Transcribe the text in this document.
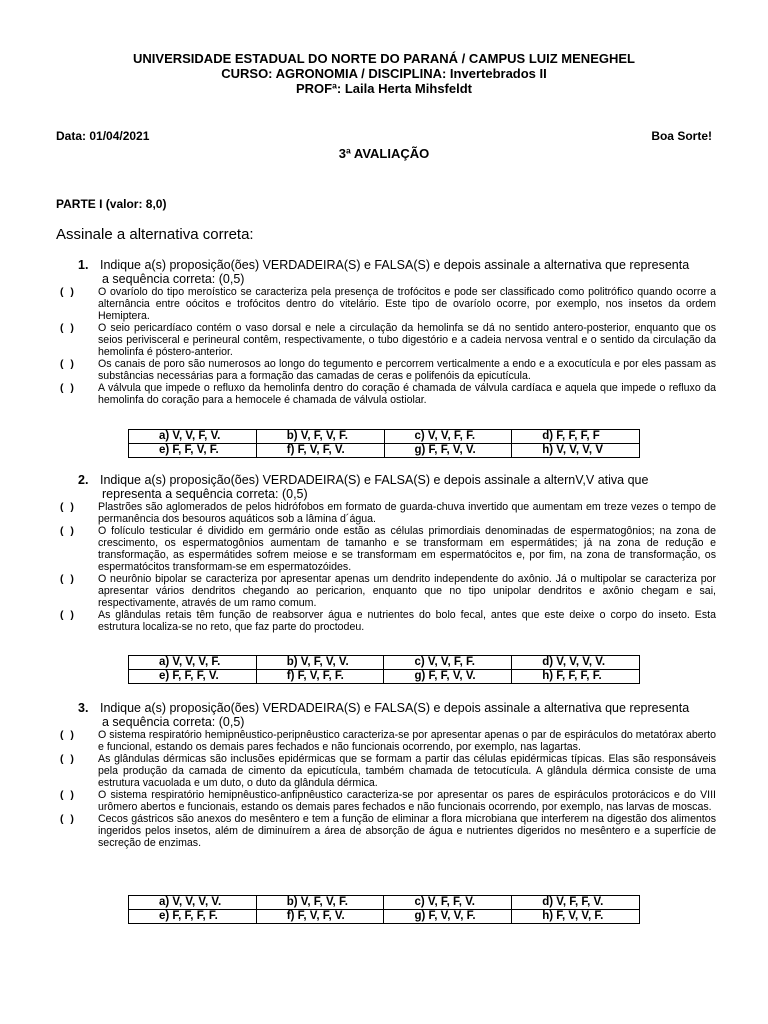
UNIVERSIDADE ESTADUAL DO NORTE DO PARANÁ / CAMPUS LUIZ MENEGHEL
CURSO: AGRONOMIA / DISCIPLINA: Invertebrados II
PROFª: Laila Herta Mihsfeldt
Data: 01/04/2021	Boa Sorte!
3ª AVALIAÇÃO
PARTE I (valor: 8,0)
Assinale a alternativa correta:
1. Indique a(s) proposição(ões) VERDADEIRA(S) e FALSA(S) e depois assinale a alternativa que representa
a sequência correta: (0,5)
( ) O ovaríolo do tipo meroístico se caracteriza pela presença de trofócitos e pode ser classificado como politrófico quando ocorre a alternância entre oócitos e trofócitos dentro do vitelário. Este tipo de ovaríolo ocorre, por exemplo, nos insetos da ordem Hemiptera.
( ) O seio pericardíaco contém o vaso dorsal e nele a circulação da hemolinfa se dá no sentido antero-posterior, enquanto que os seios perivisceral e perineural contêm, respectivamente, o tubo digestório e a cadeia nervosa ventral e o sentido da circulação da hemolinfa é póstero-anterior.
( ) Os canais de poro são numerosos ao longo do tegumento e percorrem verticalmente a endo e a exocutícula e por eles passam as substâncias necessárias para a formação das camadas de ceras e polifenóis da epicutícula.
( ) A válvula que impede o refluxo da hemolinfa dentro do coração é chamada de válvula cardíaca e aquela que impede o refluxo da hemolinfa do coração para a hemocele é chamada de válvula ostiolar.
a) V, V, F, V.	b) V, F, V, F.	c) V, V, F, F.	d) F, F, F, F
e) F, F, V, F.	f) F, V, F, V.	g) F, F, V, V.	h) V, V, V, V
2. Indique a(s) proposição(ões) VERDADEIRA(S) e FALSA(S) e depois assinale a alternV,V ativa que
representa a sequência correta: (0,5)
( ) Plastrões são aglomerados de pelos hidrófobos em formato de guarda-chuva invertido que aumentam em treze vezes o tempo de permanência dos besouros aquáticos sob a lâmina d´água.
( ) O folículo testicular é dividido em germário onde estão as células primordiais denominadas de espermatogônios; na zona de crescimento, os espermatogônios aumentam de tamanho e se transformam em espermátides; já na zona de redução e transformação, as espermátides sofrem meiose e se transformam em espermatócitos e, por fim, na zona de transformação, os espermatócitos transformam-se em espermatozóides.
( ) O neurônio bipolar se caracteriza por apresentar apenas um dendrito independente do axônio. Já o multipolar se caracteriza por apresentar vários dendritos chegando ao pericarion, enquanto que no tipo unipolar dendritos e axônio chegam e sai, respectivamente, através de um ramo comum.
( ) As glândulas retais têm função de reabsorver água e nutrientes do bolo fecal, antes que este deixe o corpo do inseto. Esta estrutura localiza-se no reto, que faz parte do proctodeu.
a) V, V, V, F.	b) V, F, V, V.	c) V, V, F, F.	d) V, V, V, V.
e) F, F, F, V.	f) F, V, F, F.	g) F, F, V, V.	h) F, F, F, F.
3. Indique a(s) proposição(ões) VERDADEIRA(S) e FALSA(S) e depois assinale a alternativa que representa
a sequência correta: (0,5)
( ) O sistema respiratório hemipnêustico-peripnêustico caracteriza-se por apresentar apenas o par de espiráculos do metatórax aberto e funcional, estando os demais pares fechados e não funcionais ocorrendo, por exemplo, nas lagartas.
( ) As glândulas dérmicas são inclusões epidérmicas que se formam a partir das células epidérmicas típicas. Elas são responsáveis pela produção da camada de cimento da epicutícula, também chamada de tetocutícula. A glândula dérmica consiste de uma estrutura vacuolada e um duto, o duto da glândula dérmica.
( ) O sistema respiratório hemipnêustico-anfipnêustico caracteriza-se por apresentar os pares de espiráculos protorácicos e do VIII urômero abertos e funcionais, estando os demais pares fechados e não funcionais ocorrendo, por exemplo, nas larvas de moscas.
( ) Cecos gástricos são anexos do mesêntero e tem a função de eliminar a flora microbiana que interferem na digestão dos alimentos ingeridos pelos insetos, além de diminuírem a área de absorção de água e nutrientes digeridos no mesêntero e a superfície de secreção de enzimas.
a) V, V, V, V.	b) V, F, V, F.	c) V, F, F, V.	d) V, F, F, V.
e) F, F, F, F.	f) F, V, F, V.	g) F, V, V, F.	h) F, V, V, F.
